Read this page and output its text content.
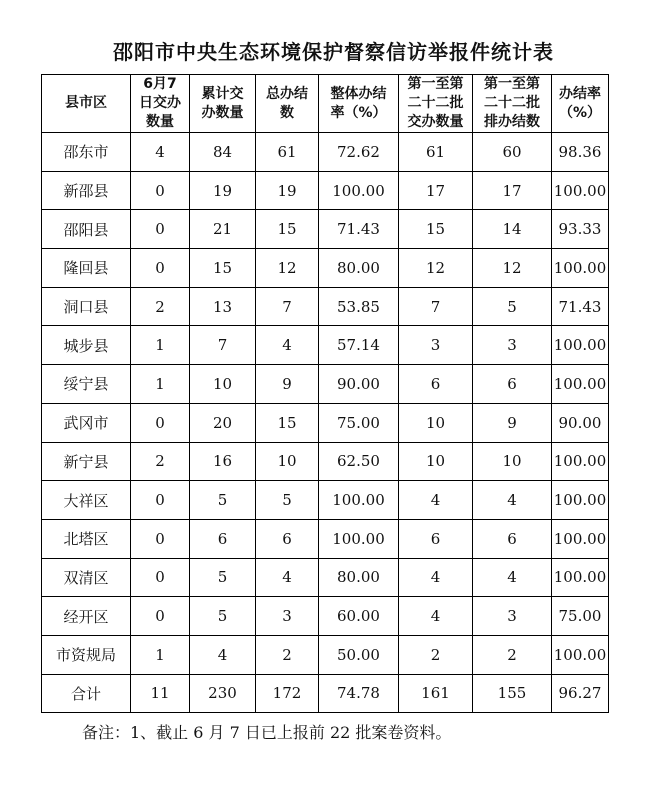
邵阳市中央生态环境保护督察信访举报件统计表
县市区	6月7日交办数量	累计交办数量	总办结数	整体办结率（%）	第一至第二十二批交办数量	第一至第二十二批排办结数	办结率（%）

邵东市	4	84	61	72.62	61	60	98.36
新邵县	0	19	19	100.00	17	17	100.00
邵阳县	0	21	15	71.43	15	14	93.33
隆回县	0	15	12	80.00	12	12	100.00
洞口县	2	13	7	53.85	7	5	71.43
城步县	1	7	4	57.14	3	3	100.00
绥宁县	1	10	9	90.00	6	6	100.00
武冈市	0	20	15	75.00	10	9	90.00
新宁县	2	16	10	62.50	10	10	100.00
大祥区	0	5	5	100.00	4	4	100.00
北塔区	0	6	6	100.00	6	6	100.00
双清区	0	5	4	80.00	4	4	100.00
经开区	0	5	3	60.00	4	3	75.00
市资规局	1	4	2	50.00	2	2	100.00
合计	11	230	172	74.78	161	155	96.27
备注：1、截止 6 月 7 日已上报前 22 批案卷资料。
